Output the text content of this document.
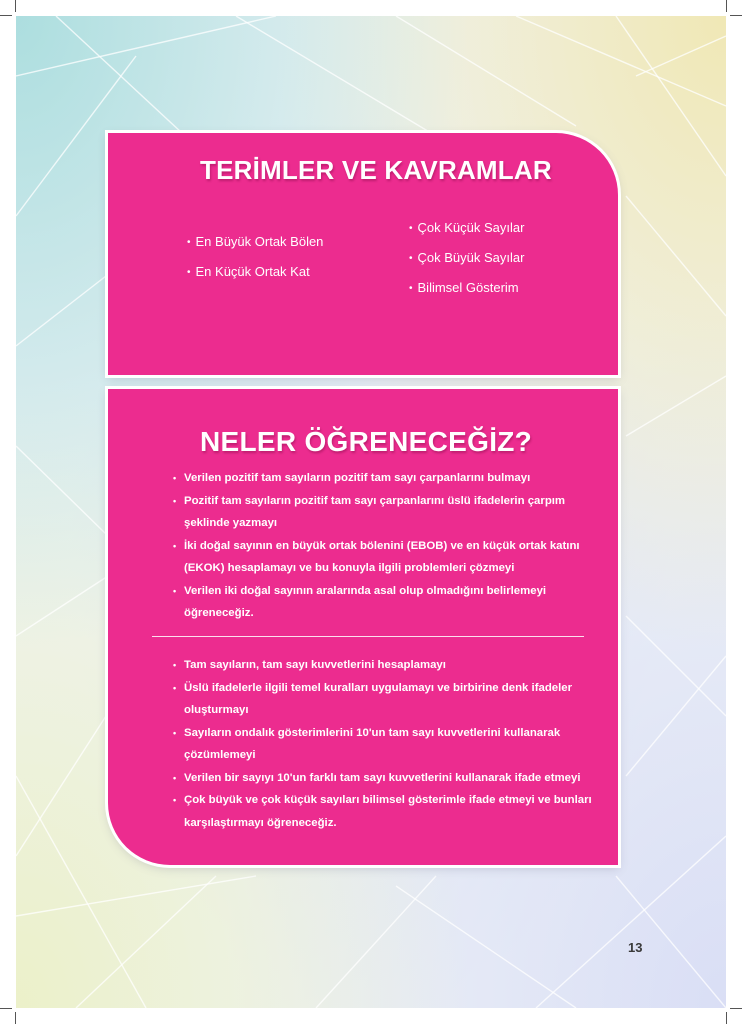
TERİMLER VE KAVRAMLAR
• En Büyük Ortak Bölen
• En Küçük Ortak Kat
• Çok Küçük Sayılar
• Çok Büyük Sayılar
• Bilimsel Gösterim
NELER ÖĞRENECEĞİZ?
• Verilen pozitif tam sayıların pozitif tam sayı çarpanlarını bulmayı
• Pozitif tam sayıların pozitif tam sayı çarpanlarını üslü ifadelerin çarpım şeklinde yazmayı
• İki doğal sayının en büyük ortak bölenini (EBOB) ve en küçük ortak katını (EKOK) hesaplamayı ve bu konuyla ilgili problemleri çözmeyi
• Verilen iki doğal sayının aralarında asal olup olmadığını belirlemeyi öğreneceğiz.
• Tam sayıların, tam sayı kuvvetlerini hesaplamayı
• Üslü ifadelerle ilgili temel kuralları uygulamayı ve birbirine denk ifadeler oluşturmayı
• Sayıların ondalık gösterimlerini 10'un tam sayı kuvvetlerini kullanarak çözümlemeyi
• Verilen bir sayıyı 10'un farklı tam sayı kuvvetlerini kullanarak ifade etmeyi
• Çok büyük ve çok küçük sayıları bilimsel gösterimle ifade etmeyi ve bunları karşılaştırmayı öğreneceğiz.
13
